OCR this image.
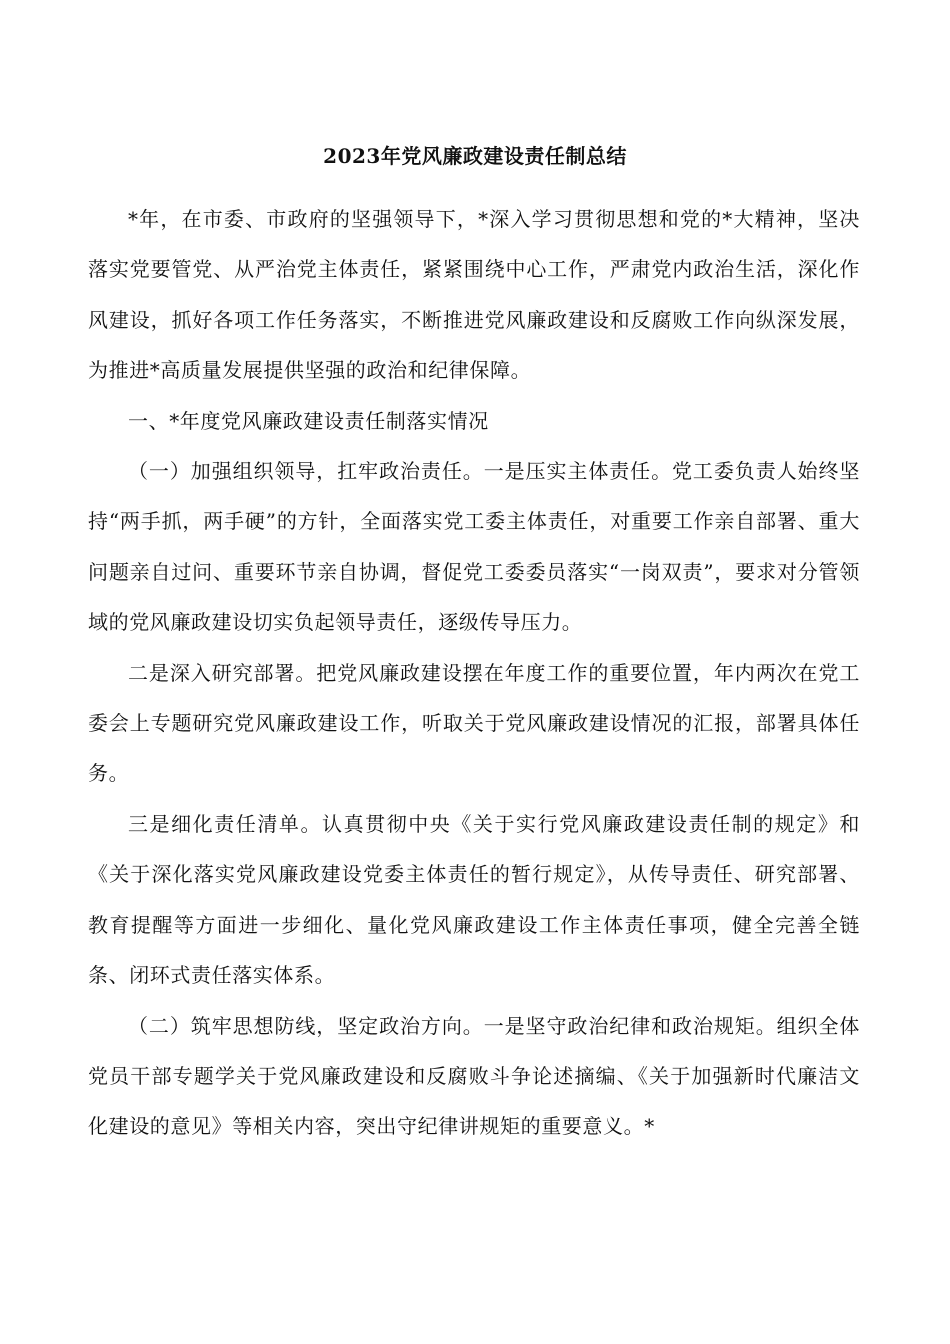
2023年党风廉政建设责任制总结

*年，在市委、市政府的坚强领导下，*深入学习贯彻思想和党的*大精神，坚决落实党要管党、从严治党主体责任，紧紧围绕中心工作，严肃党内政治生活，深化作风建设，抓好各项工作任务落实，不断推进党风廉政建设和反腐败工作向纵深发展，为推进*高质量发展提供坚强的政治和纪律保障。

一、*年度党风廉政建设责任制落实情况

（一）加强组织领导，扛牢政治责任。一是压实主体责任。党工委负责人始终坚持“两手抓，两手硬”的方针，全面落实党工委主体责任，对重要工作亲自部署、重大问题亲自过问、重要环节亲自协调，督促党工委委员落实“一岗双责”，要求对分管领域的党风廉政建设切实负起领导责任，逐级传导压力。

二是深入研究部署。把党风廉政建设摆在年度工作的重要位置，年内两次在党工委会上专题研究党风廉政建设工作，听取关于党风廉政建设情况的汇报，部署具体任务。

三是细化责任清单。认真贯彻中央《关于实行党风廉政建设责任制的规定》和《关于深化落实党风廉政建设党委主体责任的暂行规定》，从传导责任、研究部署、教育提醒等方面进一步细化、量化党风廉政建设工作主体责任事项，健全完善全链条、闭环式责任落实体系。

（二）筑牢思想防线，坚定政治方向。一是坚守政治纪律和政治规矩。组织全体党员干部专题学关于党风廉政建设和反腐败斗争论述摘编、《关于加强新时代廉洁文化建设的意见》等相关内容，突出守纪律讲规矩的重要意义。*
